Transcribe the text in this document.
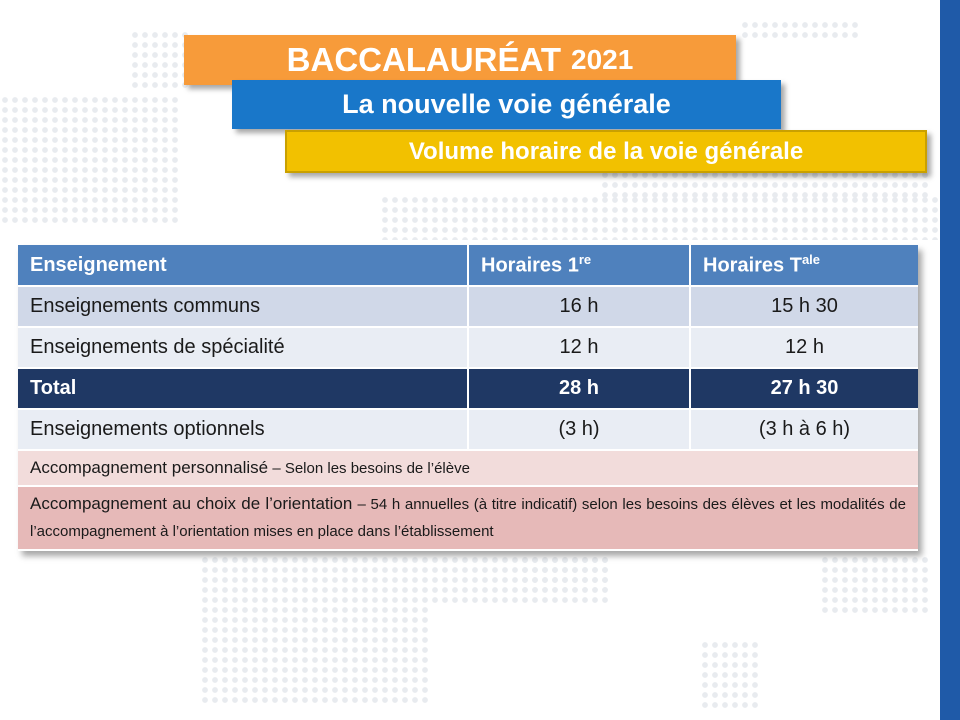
BACCALAURÉAT 2021
La nouvelle voie générale
Volume horaire de la voie générale
Enseignement	Horaires 1re	Horaires $T^{ale}$
Enseignements communs	16 h	15 h 30
Enseignements de spécialité	12 h	12 h
Total	28 h	27 h 30
Enseignements optionnels	(3 h)	(3 h à 6 h)
Accompagnement personnalisé – Selon les besoins de l’élève		
Accompagnement au choix de l’orientation – 54 h annuelles (à titre indicatif) selon les besoins des élèves et les modalités de l’accompagnement à l’orientation mises en place dans l’établissement		
